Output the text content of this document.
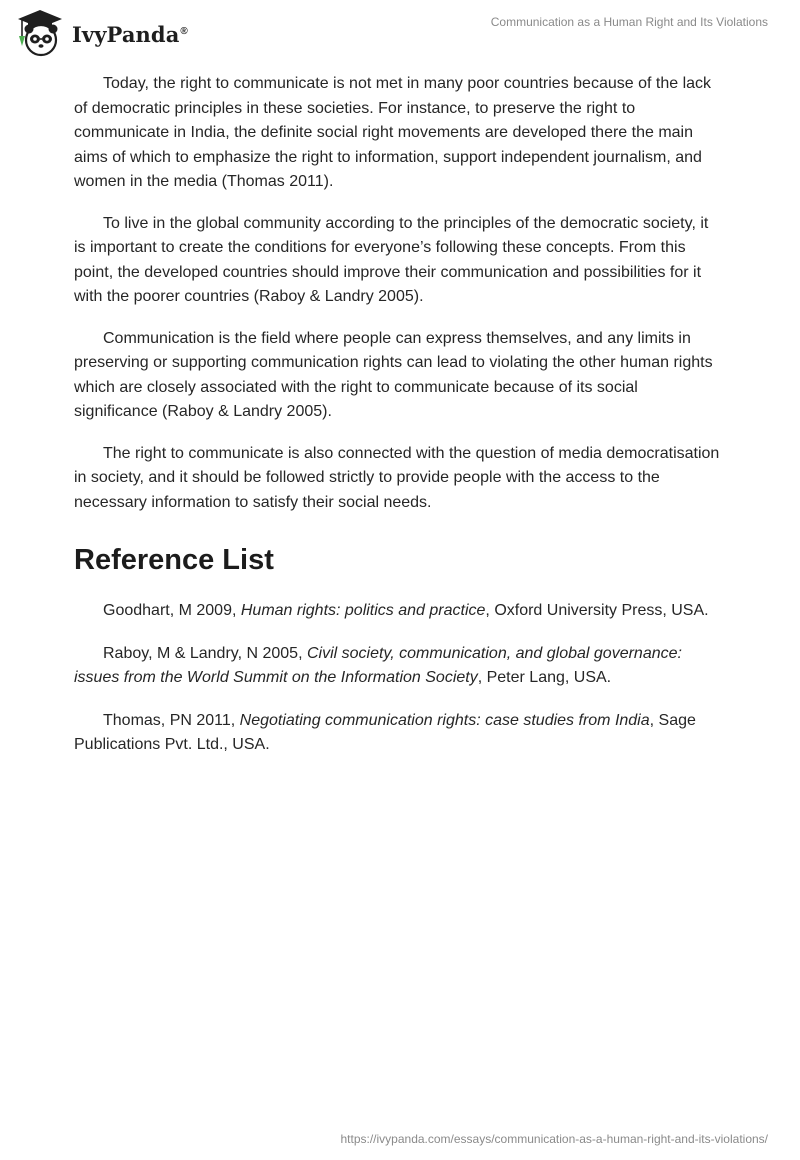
IvyPanda®
Communication as a Human Right and Its Violations

Today, the right to communicate is not met in many poor countries because of the lack of democratic principles in these societies. For instance, to preserve the right to communicate in India, the definite social right movements are developed there the main aims of which to emphasize the right to information, support independent journalism, and women in the media (Thomas 2011).

To live in the global community according to the principles of the democratic society, it is important to create the conditions for everyone’s following these concepts. From this point, the developed countries should improve their communication and possibilities for it with the poorer countries (Raboy & Landry 2005).

Communication is the field where people can express themselves, and any limits in preserving or supporting communication rights can lead to violating the other human rights which are closely associated with the right to communicate because of its social significance (Raboy & Landry 2005).

The right to communicate is also connected with the question of media democratisation in society, and it should be followed strictly to provide people with the access to the necessary information to satisfy their social needs.

Reference List

Goodhart, M 2009, Human rights: politics and practice, Oxford University Press, USA.

Raboy, M & Landry, N 2005, Civil society, communication, and global governance: issues from the World Summit on the Information Society, Peter Lang, USA.

Thomas, PN 2011, Negotiating communication rights: case studies from India, Sage Publications Pvt. Ltd., USA.

https://ivypanda.com/essays/communication-as-a-human-right-and-its-violations/
